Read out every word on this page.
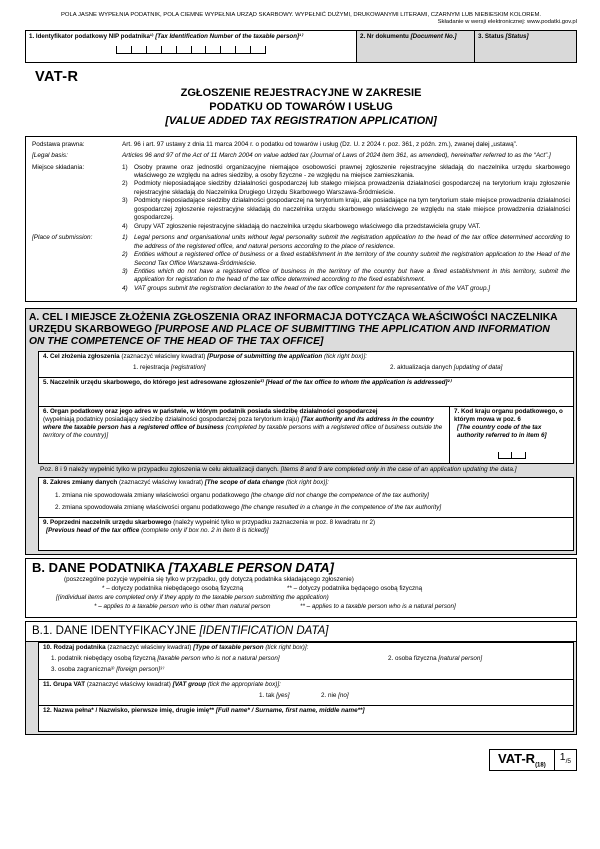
POLA JASNE WYPEŁNIA PODATNIK, POLA CIEMNE WYPEŁNIA URZĄD SKARBOWY. WYPEŁNIĆ DUŻYMI, DRUKOWANYMI LITERAMI, CZARNYM LUB NIEBIESKIM KOLOREM.
Składanie w wersji elektronicznej: www.podatki.gov.pl
1. Identyfikator podatkowy NIP podatnika¹⁾ [Tax Identification Number of the taxable person]¹⁾	2. Nr dokumentu [Document No.]	3. Status [Status]
VAT-R
ZGŁOSZENIE REJESTRACYJNE W ZAKRESIE
PODATKU OD TOWARÓW I USŁUG
[VALUE ADDED TAX REGISTRATION APPLICATION]
Podstawa prawna:	Art. 96 i art. 97 ustawy z dnia 11 marca 2004 r. o podatku od towarów i usług (Dz. U. z 2024 r. poz. 361, z późn. zm.), zwanej dalej „ustawą”.
[Legal basis:	Articles 96 and 97 of the Act of 11 March 2004 on value added tax (Journal of Laws of 2024 item 361, as amended), hereinafter referred to as the “Act”.]
Miejsce składania:	1) Osoby prawne oraz jednostki organizacyjne niemające osobowości prawnej zgłoszenie rejestracyjne składają do naczelnika urzędu skarbowego właściwego ze względu na adres siedziby, a osoby fizyczne - ze względu na miejsce zamieszkania.
2) Podmioty nieposiadające siedziby działalności gospodarczej lub stałego miejsca prowadzenia działalności gospodarczej na terytorium kraju zgłoszenie rejestracyjne składają do Naczelnika Drugiego Urzędu Skarbowego Warszawa-Śródmieście.
3) Podmioty nieposiadające siedziby działalności gospodarczej na terytorium kraju, ale posiadające na tym terytorium stałe miejsce prowadzenia działalności gospodarczej zgłoszenie rejestracyjne składają do naczelnika urzędu skarbowego właściwego ze względu na stałe miejsce prowadzenia działalności gospodarczej.
4) Grupy VAT zgłoszenie rejestracyjne składają do naczelnika urzędu skarbowego właściwego dla przedstawiciela grupy VAT.
[Place of submission:	1) Legal persons and organisational units without legal personality submit the registration application to the head of the tax office determined according to the address of the registered office, and natural persons according to the place of residence.
2) Entities without a registered office of business or a fixed establishment in the territory of the country submit the registration application to the Head of the Second Tax Office Warszawa-Śródmieście.
3) Entities which do not have a registered office of business in the territory of the country but have a fixed establishment in this territory, submit the application for registration to the head of the tax office determined according to the fixed establishment.
4) VAT groups submit the registration declaration to the head of the tax office competent for the representative of the VAT group.]
A. CEL I MIEJSCE ZŁOŻENIA ZGŁOSZENIA ORAZ INFORMACJA DOTYCZĄCA WŁAŚCIWOŚCI NACZELNIKA URZĘDU SKARBOWEGO [PURPOSE AND PLACE OF SUBMITTING THE APPLICATION AND INFORMATION ON THE COMPETENCE OF THE HEAD OF THE TAX OFFICE]
4. Cel złożenia zgłoszenia (zaznaczyć właściwy kwadrat) [Purpose of submitting the application (tick right box)]:
1. rejestracja [registration]	2. aktualizacja danych [updating of data]
5. Naczelnik urzędu skarbowego, do którego jest adresowane zgłoszenie²⁾ [Head of the tax office to whom the application is addressed]²⁾
6. Organ podatkowy oraz jego adres w państwie, w którym podatnik posiada siedzibę działalności gospodarczej
(wypełniają podatnicy posiadający siedzibę działalności gospodarczej poza terytorium kraju) [Tax authority and its address in the country where the taxable person has a registered office of business (completed by taxable persons with a registered office of business outside the territory of the country)]
7. Kod kraju organu podatkowego, o którym mowa w poz. 6
[The country code of the tax authority referred to in item 6]
Poz. 8 i 9 należy wypełnić tylko w przypadku zgłoszenia w celu aktualizacji danych. [Items 8 and 9 are completed only in the case of an application updating the data.]
8. Zakres zmiany danych (zaznaczyć właściwy kwadrat) [The scope of data change (tick right box)]:
1. zmiana nie spowodowała zmiany właściwości organu podatkowego [the change did not change the competence of the tax authority]
2. zmiana spowodowała zmianę właściwości organu podatkowego [the change resulted in a change in the competence of the tax authority]
9. Poprzedni naczelnik urzędu skarbowego (należy wypełnić tylko w przypadku zaznaczenia w poz. 8 kwadratu nr 2)
[Previous head of the tax office (complete only if box no. 2 in item 8 is ticked)]
B. DANE PODATNIKA [TAXABLE PERSON DATA]
(poszczególne pozycje wypełnia się tylko w przypadku, gdy dotyczą podatnika składającego zgłoszenie)
* – dotyczy podatnika niebędącego osobą fizyczną	** – dotyczy podatnika będącego osobą fizyczną
[(individual items are completed only if they apply to the taxable person submitting the application)
* – applies to a taxable person who is other than natural person	** – applies to a taxable person who is a natural person]
B.1. DANE IDENTYFIKACYJNE [IDENTIFICATION DATA]
10. Rodzaj podatnika (zaznaczyć właściwy kwadrat) [Type of taxable person (tick right box)]:
1. podatnik niebędący osobą fizyczną [taxable person who is not a natural person]	2. osoba fizyczna [natural person]
3. osoba zagraniczna³⁾ [foreign person]³⁾
11. Grupa VAT (zaznaczyć właściwy kwadrat) [VAT group (tick the appropriate box)]:
1. tak [yes]	2. nie [no]
12. Nazwa pełna* / Nazwisko, pierwsze imię, drugie imię** [Full name* / Surname, first name, middle name**]
VAT-$R_{(18)}$
$1_{/5}$
